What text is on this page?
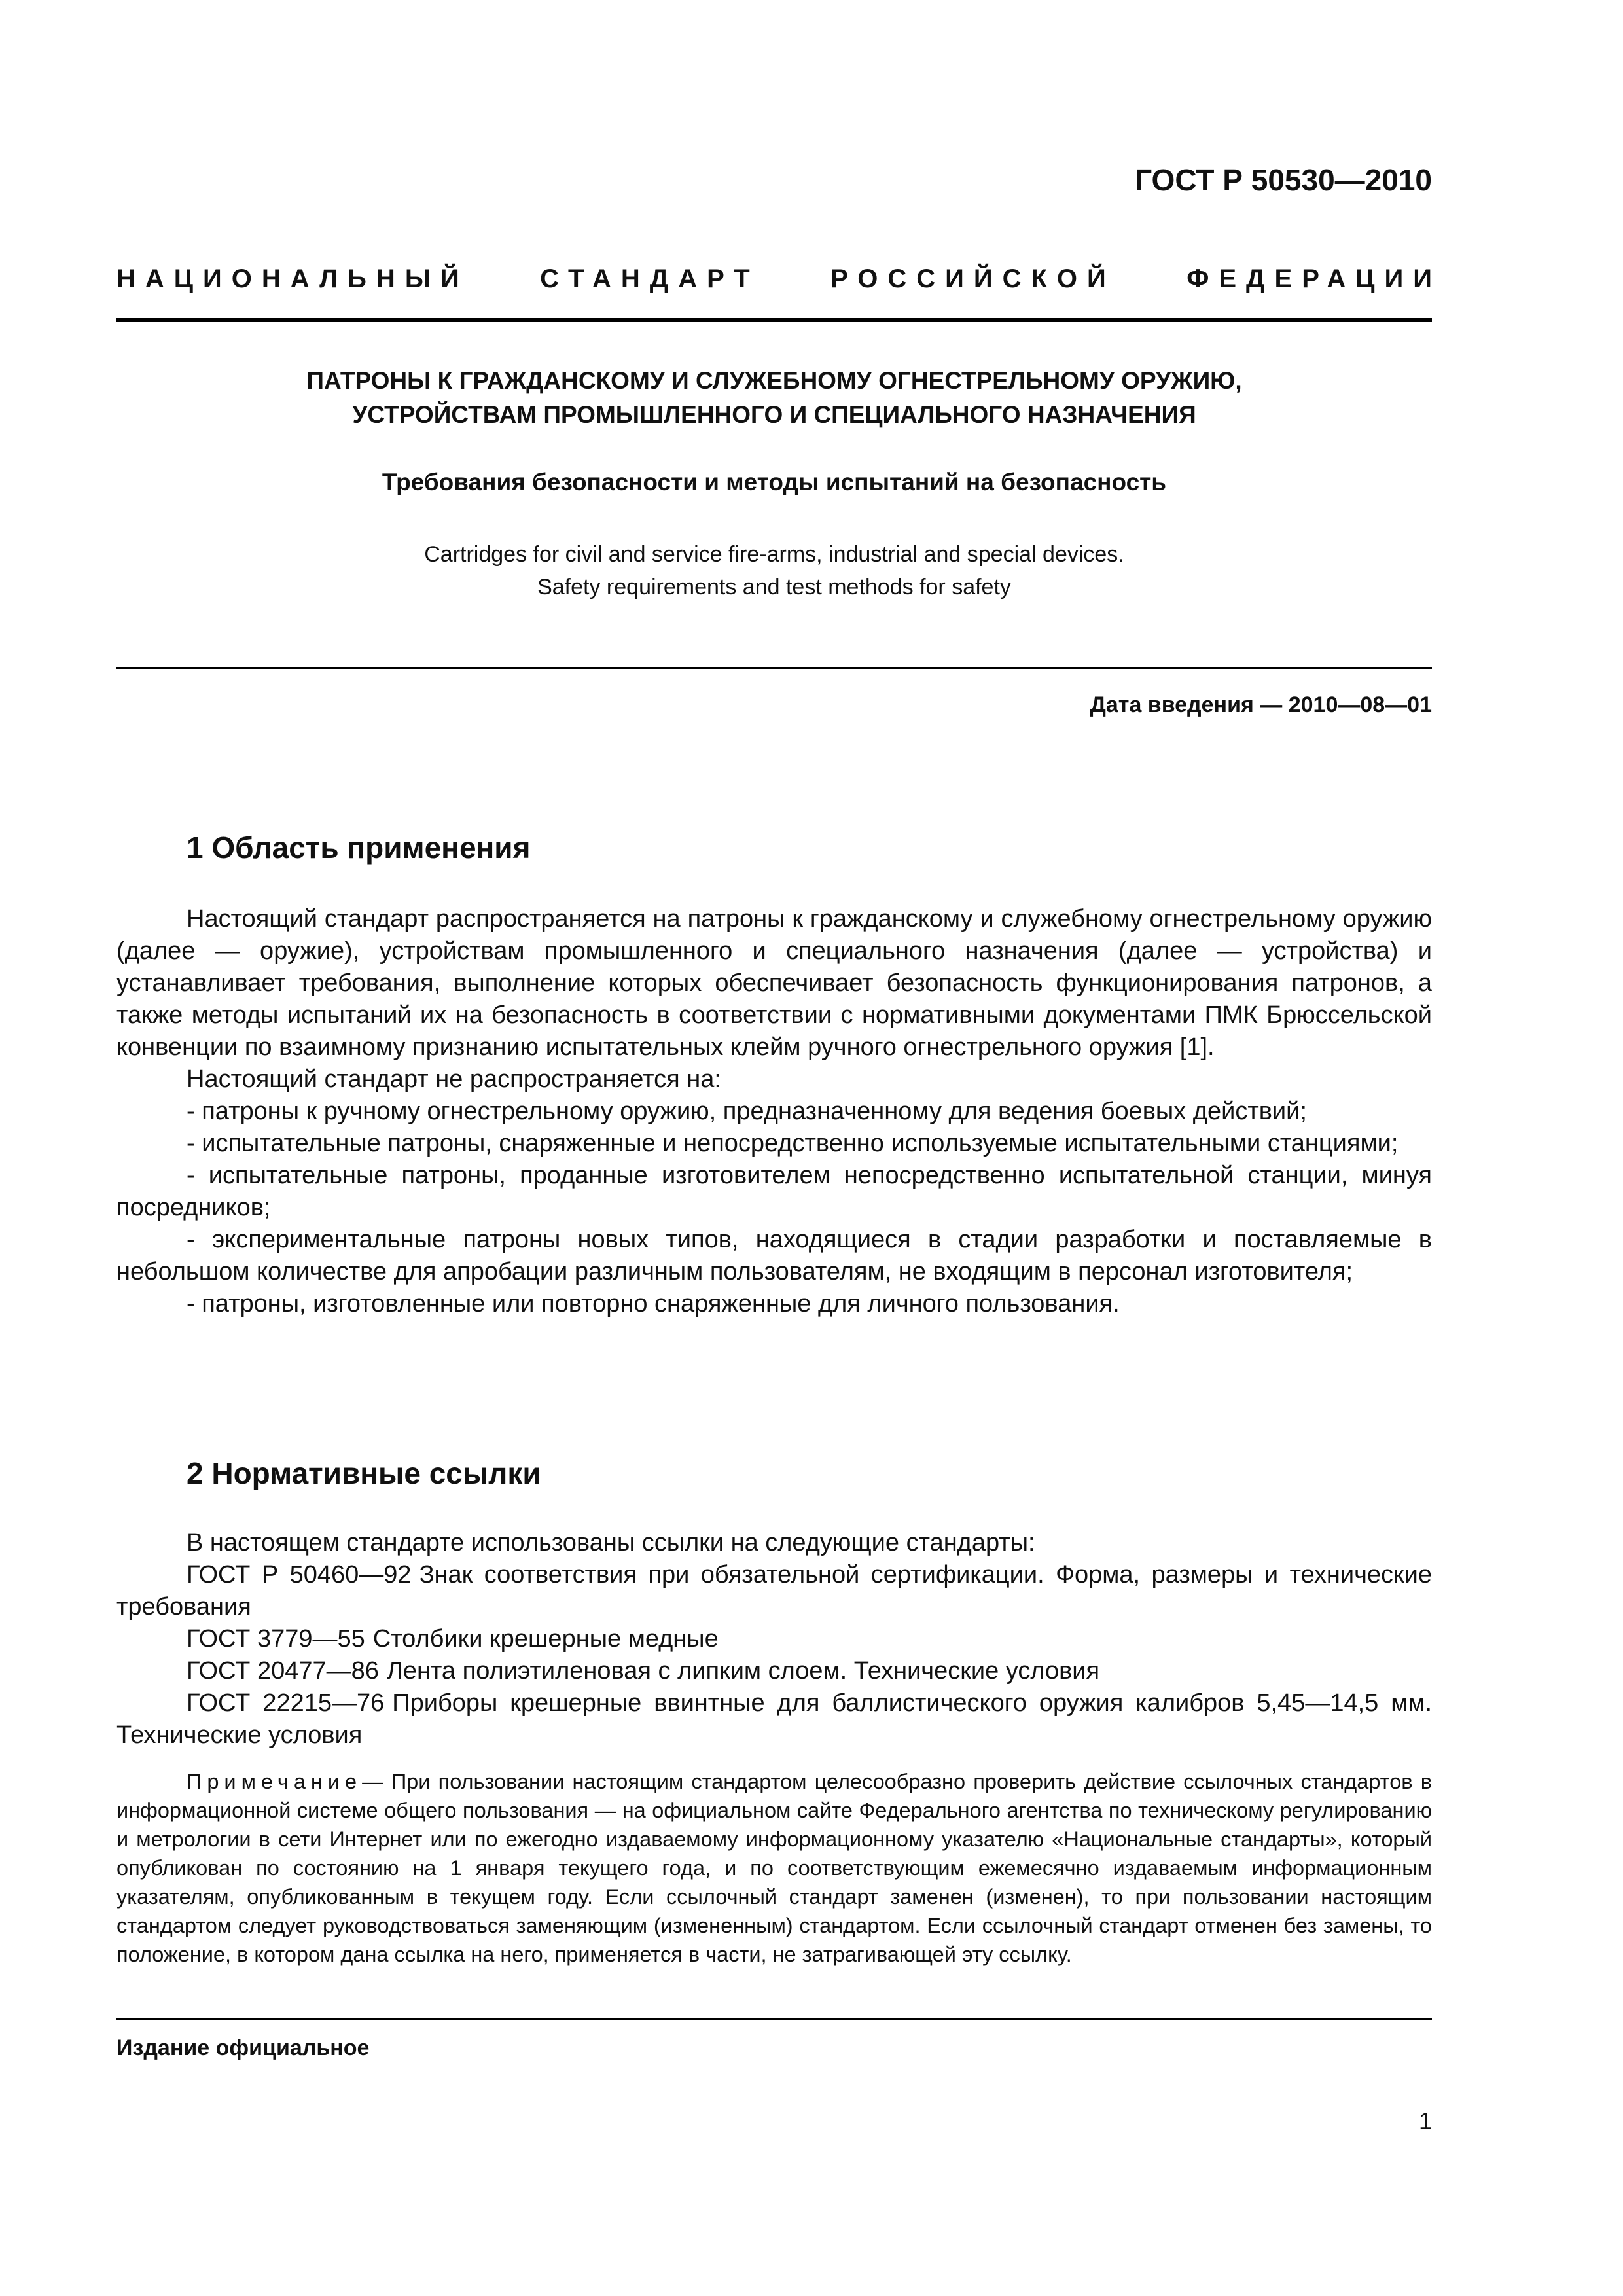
ГОСТ Р 50530—2010
НАЦИОНАЛЬНЫЙ	СТАНДАРТ	РОССИЙСКОЙ	ФЕДЕРАЦИИ
ПАТРОНЫ К ГРАЖДАНСКОМУ И СЛУЖЕБНОМУ ОГНЕСТРЕЛЬНОМУ ОРУЖИЮ,
УСТРОЙСТВАМ ПРОМЫШЛЕННОГО И СПЕЦИАЛЬНОГО НАЗНАЧЕНИЯ
Требования безопасности и методы испытаний на безопасность
Cartridges for civil and service fire-arms, industrial and special devices.
Safety requirements and test methods for safety
Дата введения — 2010—08—01
1 Область применения

Настоящий стандарт распространяется на патроны к гражданскому и служебному огнестрельному оружию (далее — оружие), устройствам промышленного и специального назначения (далее — устройства) и устанавливает требования, выполнение которых обеспечивает безопасность функционирования патронов, а также методы испытаний их на безопасность в соответствии с нормативными документами ПМК Брюссельской конвенции по взаимному признанию испытательных клейм ручного огнестрельного оружия [1].

Настоящий стандарт не распространяется на:

- патроны к ручному огнестрельному оружию, предназначенному для ведения боевых действий;

- испытательные патроны, снаряженные и непосредственно используемые испытательными станциями;

- испытательные патроны, проданные изготовителем непосредственно испытательной станции, минуя посредников;

- экспериментальные патроны новых типов, находящиеся в стадии разработки и поставляемые в небольшом количестве для апробации различным пользователям, не входящим в персонал изготовителя;

- патроны, изготовленные или повторно снаряженные для личного пользования.

2 Нормативные ссылки

В настоящем стандарте использованы ссылки на следующие стандарты:

ГОСТ Р 50460—92 Знак соответствия при обязательной сертификации. Форма, размеры и технические требования

ГОСТ 3779—55 Столбики крешерные медные

ГОСТ 20477—86 Лента полиэтиленовая с липким слоем. Технические условия

ГОСТ 22215—76 Приборы крешерные ввинтные для баллистического оружия калибров 5,45—14,5 мм. Технические условия

Примечание— При пользовании настоящим стандартом целесообразно проверить действие ссылочных стандартов в информационной системе общего пользования — на официальном сайте Федерального агентства по техническому регулированию и метрологии в сети Интернет или по ежегодно издаваемому информационному указателю «Национальные стандарты», который опубликован по состоянию на 1 января текущего года, и по соответствующим ежемесячно издаваемым информационным указателям, опубликованным в текущем году. Если ссылочный стандарт заменен (изменен), то при пользовании настоящим стандартом следует руководствоваться заменяющим (измененным) стандартом. Если ссылочный стандарт отменен без замены, то положение, в котором дана ссылка на него, применяется в части, не затрагивающей эту ссылку.
Издание официальное
1
